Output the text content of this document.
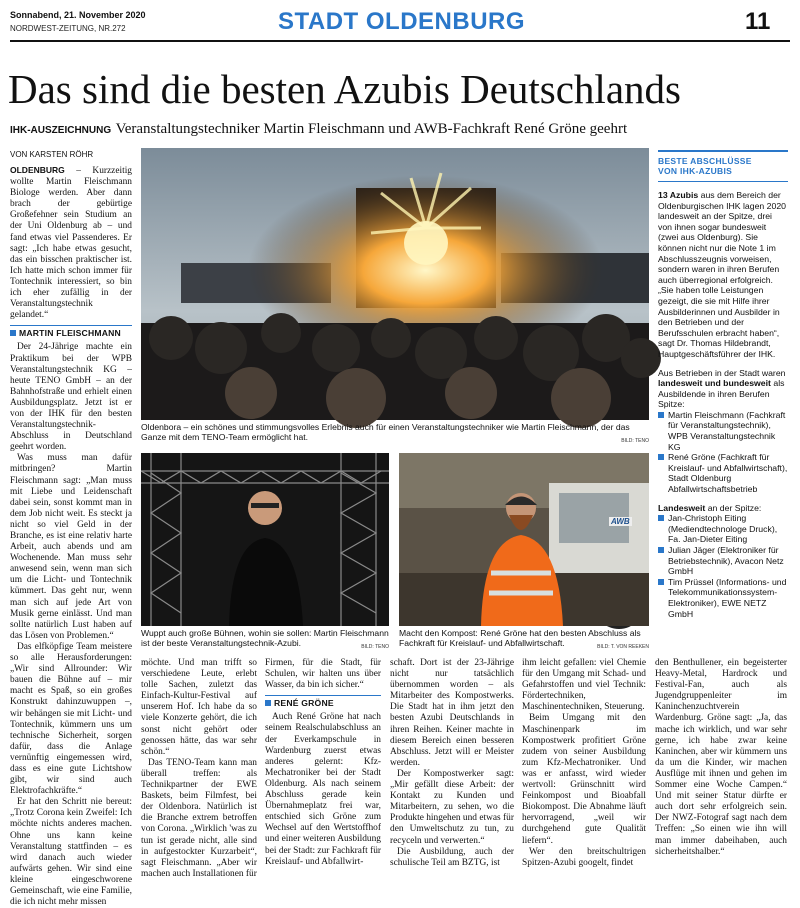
Sonnabend, 21. November 2020
NORDWEST-ZEITUNG, NR.272	STADT OLDENBURG	11
Das sind die besten Azubis Deutschlands
IHK-AUSZEICHNUNG Veranstaltungstechniker Martin Fleischmann und AWB-Fachkraft René Gröne geehrt
VON KARSTEN RÖHR

OLDENBURG – Kurzzeitig wollte Martin Fleischmann Biologe werden. Aber dann brach der gebürtige Großefehner sein Studium an der Uni Oldenburg ab – und fand etwas viel Passenderes. Er sagt: „Ich habe etwas gesucht, das ein bisschen praktischer ist. Ich hatte mich schon immer für Tontechnik interessiert, so bin ich eher zufällig in der Veranstaltungstechnik gelandet.“

MARTIN FLEISCHMANN

Der 24-Jährige machte ein Praktikum bei der WPB Veranstaltungstechnik KG – heute TENO GmbH – an der Bahnhofstraße und erhielt einen Ausbildungsplatz. Jetzt ist er von der IHK für den besten Veranstaltungstechnik-Abschluss in Deutschland geehrt worden.

Was muss man dafür mitbringen? Martin Fleischmann sagt: „Man muss mit Liebe und Leidenschaft dabei sein, sonst kommt man in dem Job nicht weit. Es steckt ja nicht so viel Geld in der Branche, es ist eine relativ harte Arbeit, auch abends und am Wochenende. Man muss sehr anwesend sein, wenn man sich um die Licht- und Tontechnik kümmert. Das geht nur, wenn man sich auf jede Art von Musik gerne einlässt. Und man sollte natürlich Lust haben auf das Lösen von Problemen.“

Das elfköpfige Team meistere so alle Herausforderungen: „Wir sind Allrounder: Wir bauen die Bühne auf – mir macht es Spaß, so ein großes Konstrukt dahinzuwuppen –, wir behängen sie mit Licht- und Tontechnik, kümmern uns um technische Sicherheit, sorgen dafür, dass die Anlage vernünftig eingemessen wird, dass es eine gute Lichtshow gibt, wir sind auch Elektrofachkräfte.“

Er hat den Schritt nie bereut: „Trotz Corona kein Zweifel: Ich möchte nichts anderes machen. Ohne uns kann keine Veranstaltung stattfinden – es wird danach auch wieder aufwärts gehen. Wir sind eine kleine eingeschworene Gemeinschaft, wie eine Familie, die ich nicht mehr missen

Oldenbora – ein schönes und stimmungsvolles Erlebnis auch für einen Veranstaltungstechniker wie Martin Fleischmann, der das Ganze mit dem TENO-Team ermöglicht hat.	BILD: TENO
Wuppt auch große Bühnen, wohin sie sollen: Martin Fleischmann ist der beste Veranstaltungstechnik-Azubi.	BILD: TENO
AWB
Macht den Kompost: René Gröne hat den besten Abschluss als Fachkraft für Kreislauf- und Abfallwirtschaft.	BILD: T. VON REEKEN

möchte. Und man trifft so verschiedene Leute, erlebt tolle Sachen, zuletzt das Einfach-Kultur-Festival auf unserem Hof. Ich habe da so viele Konzerte gehört, die ich sonst nicht gehört oder genossen hätte, das war sehr schön.“

Das TENO-Team kann man überall treffen: als Technikpartner der EWE Baskets, beim Filmfest, bei der Oldenbora. Natürlich ist die Branche extrem betroffen von Corona. „Wirklich 'was zu tun ist gerade nicht, alle sind in aufgestockter Kurzarbeit“, sagt Fleischmann. „Aber wir machen auch Installationen für

Firmen, für die Stadt, für Schulen, wir halten uns über Wasser, da bin ich sicher.“

RENÉ GRÖNE

Auch René Gröne hat nach seinem Realschulabschluss an der Everkampschule in Wardenburg zuerst etwas anderes gelernt: Kfz-Mechatroniker bei der Stadt Oldenburg. Als nach seinem Abschluss gerade kein Übernahmeplatz frei war, entschied sich Gröne zum Wechsel auf den Wertstoffhof und einer weiteren Ausbildung bei der Stadt: zur Fachkraft für Kreislauf- und Abfallwirt-

schaft. Dort ist der 23-Jährige nicht nur tatsächlich übernommen worden – als Mitarbeiter des Kompostwerks. Die Stadt hat in ihm jetzt den besten Azubi Deutschlands in ihren Reihen. Keiner machte in diesem Bereich einen besseren Abschluss. Jetzt will er Meister werden.

Der Kompostwerker sagt: „Mir gefällt diese Arbeit: der Kontakt zu Kunden und Mitarbeitern, zu sehen, wo die Produkte hingehen und etwas für den Umweltschutz zu tun, zu recyceln und verwerten.“

Die Ausbildung, auch der schulische Teil am BZTG, ist

ihm leicht gefallen: viel Chemie für den Umgang mit Schad- und Gefahrstoffen und viel Technik: Fördertechniken, Maschinentechniken, Steuerung.

Beim Umgang mit den Maschinenpark im Kompostwerk profitiert Gröne zudem von seiner Ausbildung zum Kfz-Mechatroniker. Und was er anfasst, wird wieder wertvoll: Grünschnitt wird Feinkompost und Bioabfall Biokompost. Die Abnahme läuft hervorragend, „weil wir durchgehend gute Qualität liefern“.

Wer den breitschultrigen Spitzen-Azubi googelt, findet

den Benthullener, ein begeisterter Heavy-Metal, Hardrock und Festival-Fan, auch als Jugendgruppenleiter im Kaninchenzuchtverein Wardenburg. Gröne sagt: „Ja, das mache ich wirklich, und war sehr gerne, ich habe zwar keine Kaninchen, aber wir kümmern uns da um die Kinder, wir machen Ausflüge mit ihnen und gehen im Sommer eine Woche Campen.“ Und mit seiner Statur dürfte er auch dort sehr erfolgreich sein. Der NWZ-Fotograf sagt nach dem Treffen: „So einen wie ihn will man immer dabeihaben, auch sicherheitshalber.“

BESTE ABSCHLÜSSE
VON IHK-AZUBIS
13 Azubis aus dem Bereich der Oldenburgischen IHK lagen 2020 landesweit an der Spitze, drei von ihnen sogar bundesweit (zwei aus Oldenburg). Sie können nicht nur die Note 1 im Abschlusszeugnis vorweisen, sondern waren in ihren Berufen auch überregional erfolgreich. „Sie haben tolle Leistungen gezeigt, die sie mit Hilfe ihrer Ausbilderinnen und Ausbilder in den Betrieben und der Berufsschulen erbracht haben“, sagt Dr. Thomas Hildebrandt, Hauptgeschäftsführer der IHK.
Aus Betrieben in der Stadt waren landesweit und bundesweit als Ausbildende in ihren Berufen Spitze:
Martin Fleischmann (Fachkraft für Veranstaltungstechnik), WPB Veranstaltungstechnik KG
René Gröne (Fachkraft für Kreislauf- und Abfallwirtschaft), Stadt Oldenburg Abfallwirtschaftsbetrieb
Landesweit an der Spitze:
Jan-Christoph Eiting (Mediendtechnologe Druck), Fa. Jan-Dieter Eiting
Julian Jäger (Elektroniker für Betriebstechnik), Avacon Netz GmbH
Tim Prüssel (Informations- und Telekommunikationssystem-Elektroniker), EWE NETZ GmbH
